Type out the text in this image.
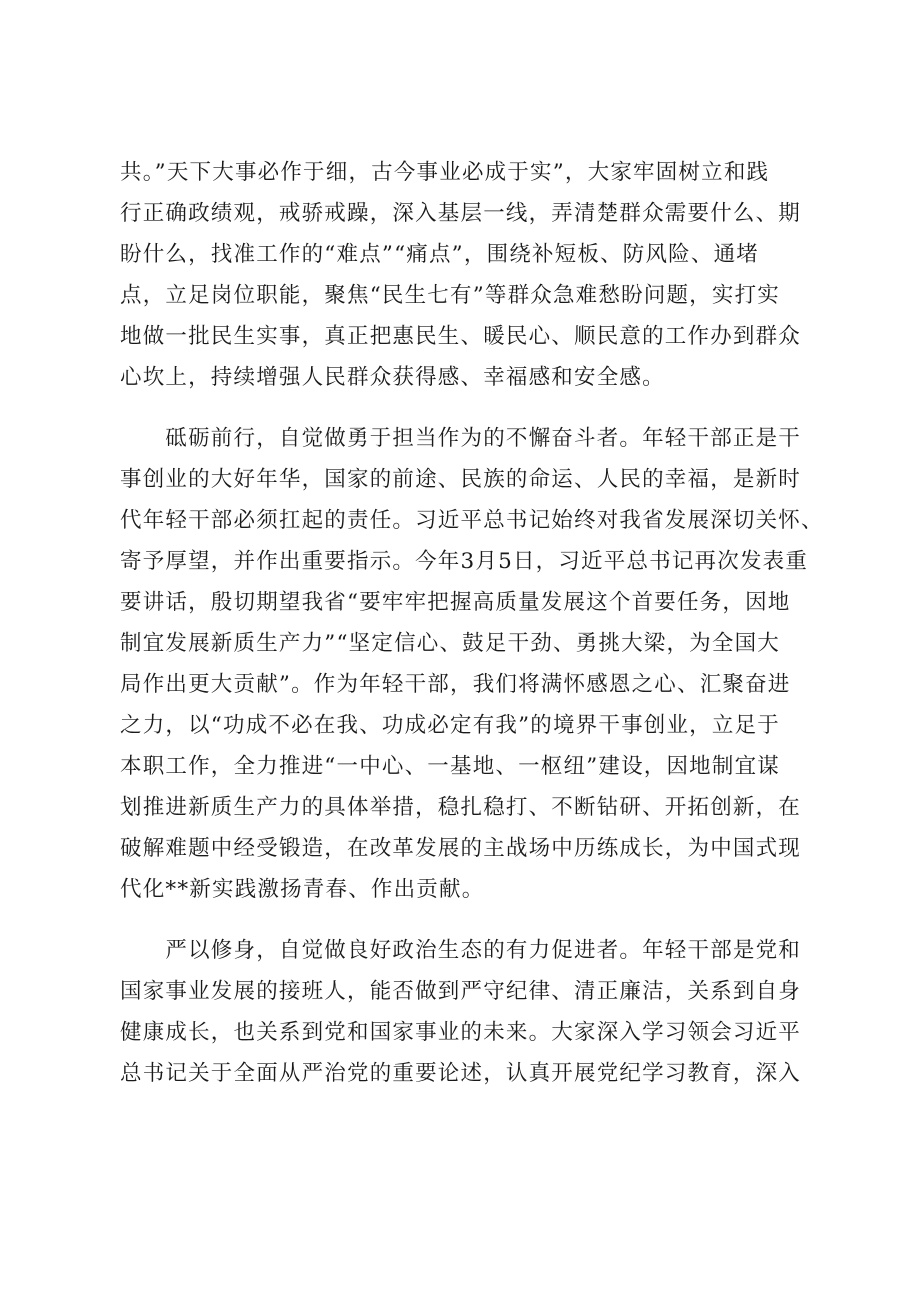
共。”天下大事必作于细，古今事业必成于实”，大家牢固树立和践
行正确政绩观，戒骄戒躁，深入基层一线，弄清楚群众需要什么、期
盼什么，找准工作的“难点”“痛点”，围绕补短板、防风险、通堵
点，立足岗位职能，聚焦“民生七有”等群众急难愁盼问题，实打实
地做一批民生实事，真正把惠民生、暖民心、顺民意的工作办到群众
心坎上，持续增强人民群众获得感、幸福感和安全感。
　　砥砺前行，自觉做勇于担当作为的不懈奋斗者。年轻干部正是干
事创业的大好年华，国家的前途、民族的命运、人民的幸福，是新时
代年轻干部必须扛起的责任。习近平总书记始终对我省发展深切关怀、
寄予厚望，并作出重要指示。今年3月5日，习近平总书记再次发表重
要讲话，殷切期望我省“要牢牢把握高质量发展这个首要任务，因地
制宜发展新质生产力”“坚定信心、鼓足干劲、勇挑大梁，为全国大
局作出更大贡献”。作为年轻干部，我们将满怀感恩之心、汇聚奋进
之力，以“功成不必在我、功成必定有我”的境界干事创业，立足于
本职工作，全力推进“一中心、一基地、一枢纽”建设，因地制宜谋
划推进新质生产力的具体举措，稳扎稳打、不断钻研、开拓创新，在
破解难题中经受锻造，在改革发展的主战场中历练成长，为中国式现
代化**新实践激扬青春、作出贡献。
　　严以修身，自觉做良好政治生态的有力促进者。年轻干部是党和
国家事业发展的接班人，能否做到严守纪律、清正廉洁，关系到自身
健康成长，也关系到党和国家事业的未来。大家深入学习领会习近平
总书记关于全面从严治党的重要论述，认真开展党纪学习教育，深入
